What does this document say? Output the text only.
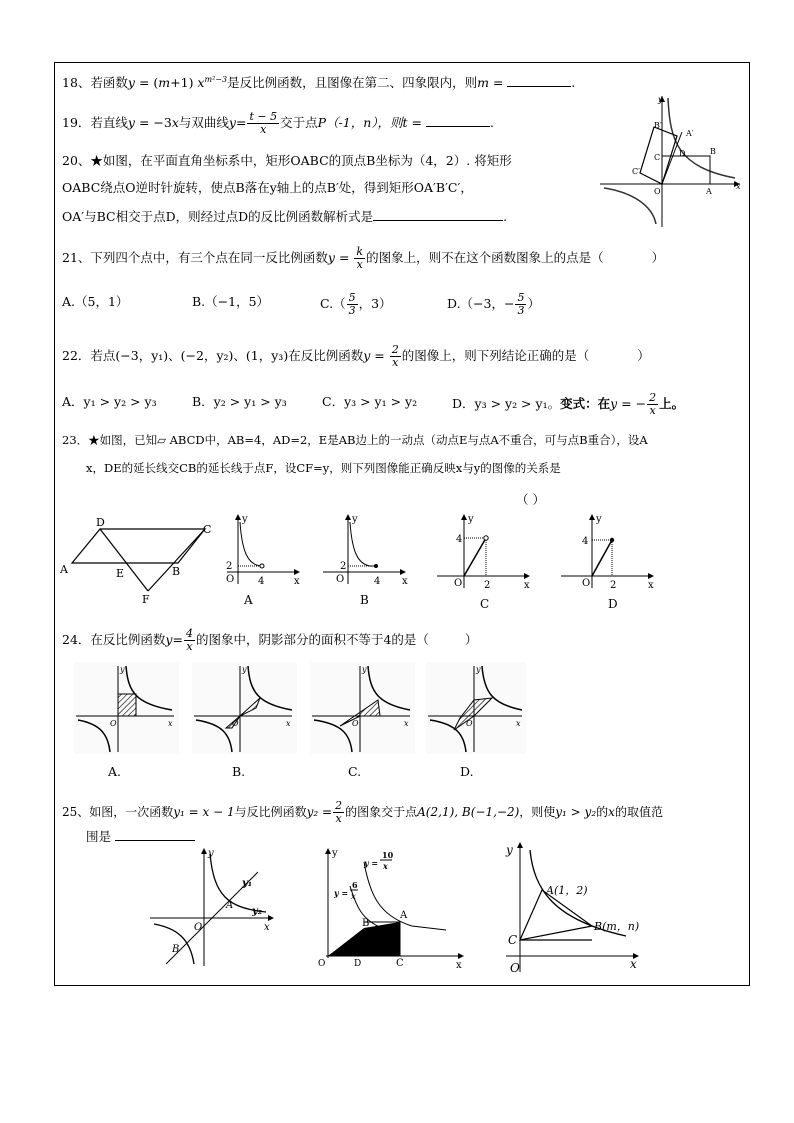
18、若函数y = (m+1) $x^{m^2-3}$是反比例函数，且图像在第二、四象限内，则m =	.
19．若直线y = −3x与双曲线$y= \frac{t - 5}{x}$ 交于点P（-1，n），则t =	.
20、★如图，在平面直角坐标系中，矩形OABC的顶点B坐标为（4，2）. 将矩形
OABC绕点O逆时针旋转，使点B落在y轴上的点B′处，得到矩形OA′B′C′，
OA′与BC相交于点D，则经过点D的反比例函数解析式是	.
O	A
B
C D
B′
A′
C′
y
x
21、下列四个点中，有三个点在同一反比例函数$y = \frac{k}{x}$ 的图象上，则不在这个函数图象上的点是（	）
A.（5，1）	B.（−1，5）	$C.( \frac{5}{3}$ ，3）	D.（−3，− $\frac{5}{3}$ ）
22．若点(−3，y₁)、(−2，y₂)、(1，y₃)在反比例函数$y = \frac{2}{x}$ 的图像上，则下列结论正确的是（	）
A．y₁ > y₂ > y₃	B．y₂ > y₁ > y₃	C．y₃ > y₁ > y₂	D．y₃ > y₂ > y₁。变式：在y = − $\frac{2}{x}$ 上。
23．★如图，已知▱ ABCD中，AB=4，AD=2，E是AB边上的一动点（动点E与点A不重合，可与点B重合），设A
x，DE的延长线交CB的延长线于点F，设CF=y，则下列图像能正确反映x与y的图像的关系是
（ ）
A
D
C
B
E
F
2
O 4
y
x
A
2
O	4
y
x
B
4
O 2
y
x
C
4
O 2
y
x
D
24．在反比例函数$y= \frac{4}{x}$ 的图象中，阴影部分的面积不等于4的是（	）
O
y
x	O
y
x	O
y
x	O
y
x
A.	B.	C.	D.
25、如图，一次函数y₁ = x − 1与反比例函数$y_2 = \frac{2}{x}$ 的图象交于点A(2,1), B(−1,−2)，则使y₁ > y₂的x的取值范
围是
O
A
B
y₁
y₂
y
x
O	D	C
B
A
E
y
x
y =
10
x
y =
6
x
C
O
A(1，2)
B(m，n)
y
x
